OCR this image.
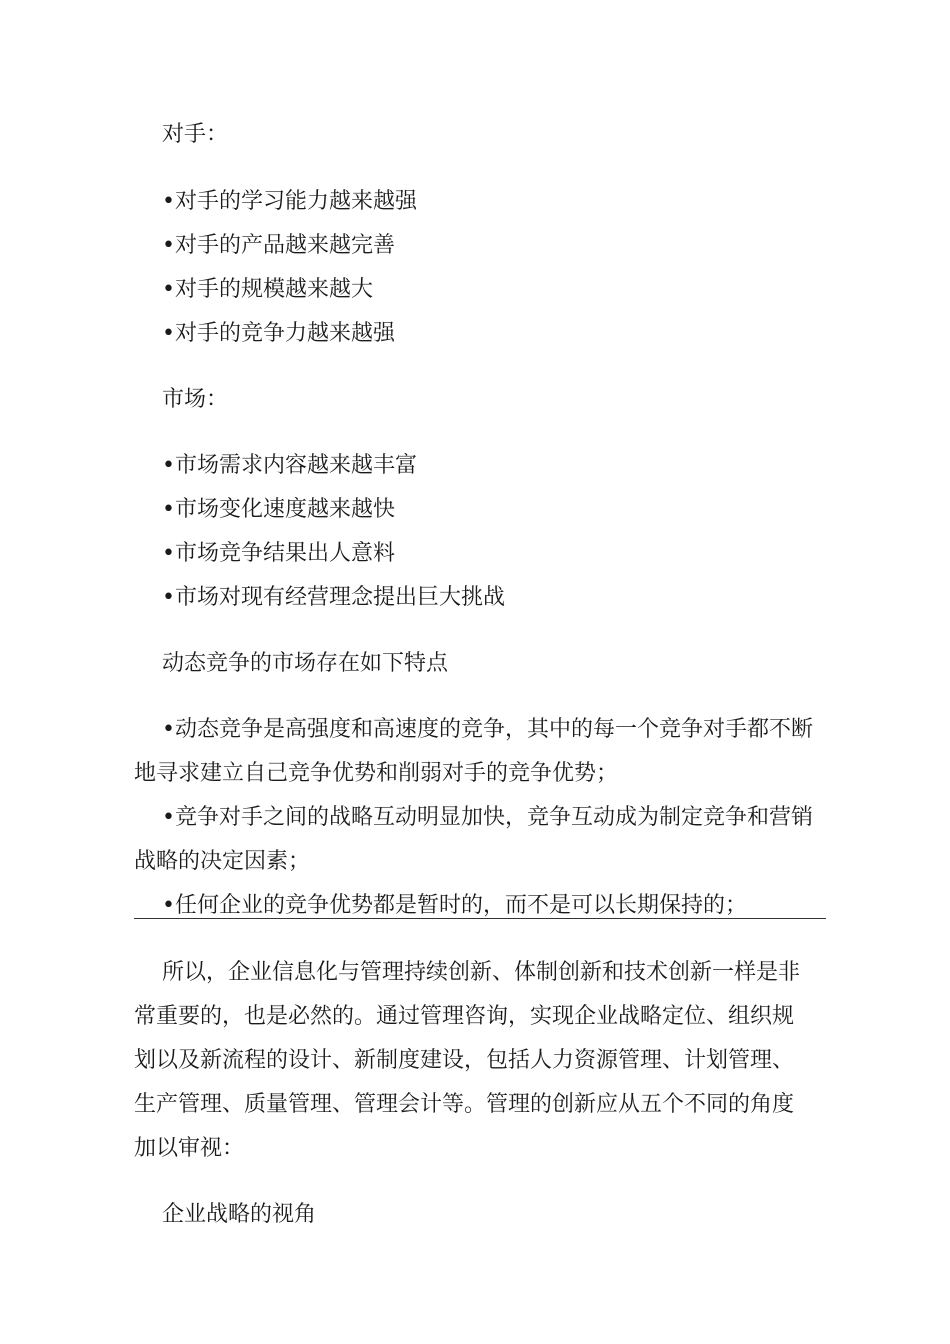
对手：
•对手的学习能力越来越强
•对手的产品越来越完善
•对手的规模越来越大
•对手的竞争力越来越强
市场：
•市场需求内容越来越丰富
•市场变化速度越来越快
•市场竞争结果出人意料
•市场对现有经营理念提出巨大挑战
动态竞争的市场存在如下特点
•动态竞争是高强度和高速度的竞争，其中的每一个竞争对手都不断
地寻求建立自己竞争优势和削弱对手的竞争优势；
•竞争对手之间的战略互动明显加快，竞争互动成为制定竞争和营销
战略的决定因素；
•任何企业的竞争优势都是暂时的，而不是可以长期保持的；
所以，企业信息化与管理持续创新、体制创新和技术创新一样是非
常重要的，也是必然的。通过管理咨询，实现企业战略定位、组织规
划以及新流程的设计、新制度建设，包括人力资源管理、计划管理、
生产管理、质量管理、管理会计等。管理的创新应从五个不同的角度
加以审视：
企业战略的视角
